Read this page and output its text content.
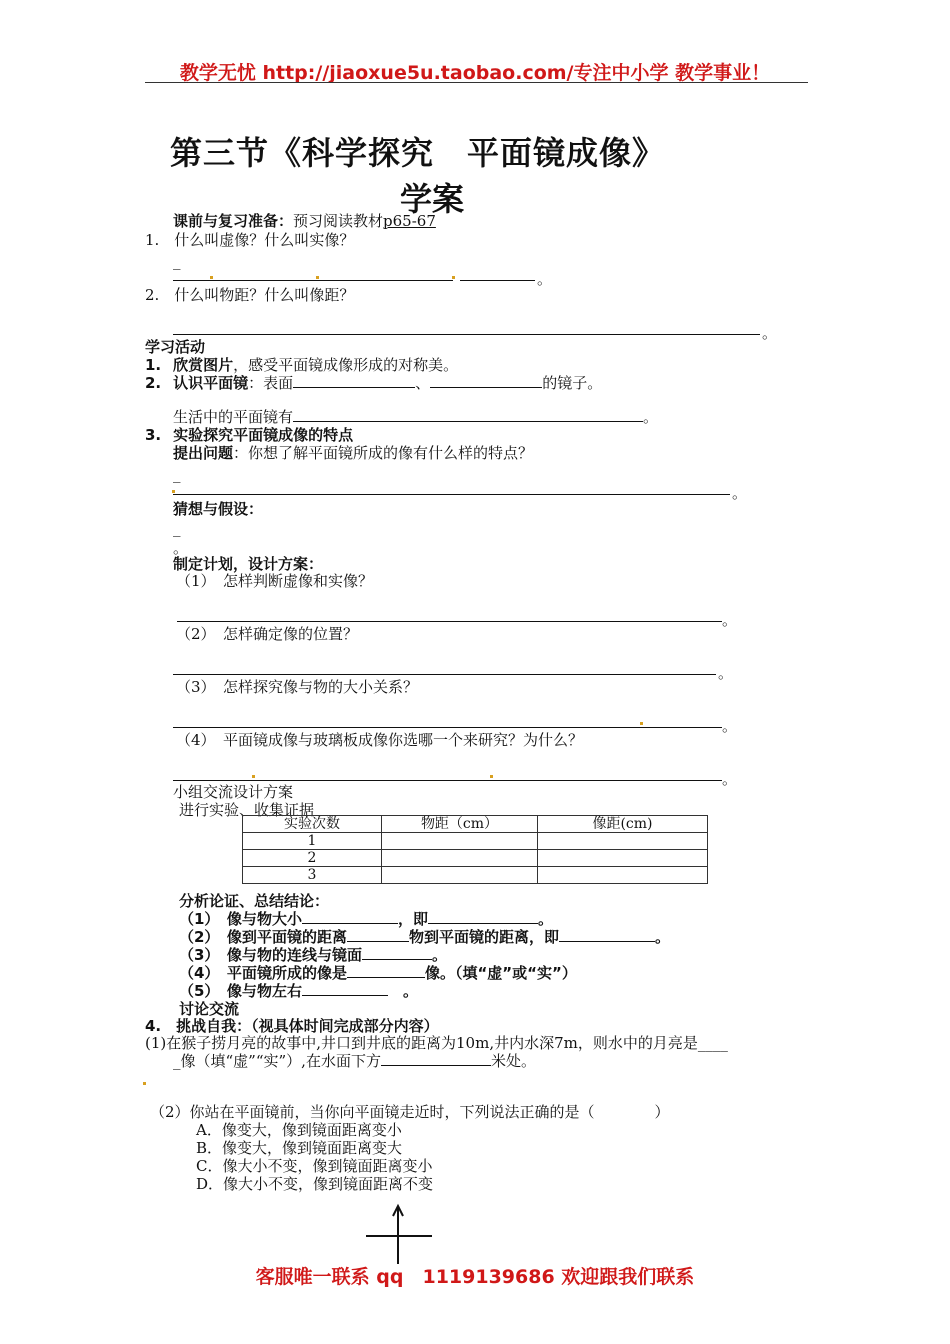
教学无忧 http://jiaoxue5u.taobao.com/专注中小学 教学事业！
第三节《科学探究　平面镜成像》
学案
课前与复习准备：预习阅读教材p65-67
1.　什么叫虚像？什么叫实像？
_
。
2.　什么叫物距？什么叫像距？
。
学习活动
1. 欣赏图片，感受平面镜成像形成的对称美。
2. 认识平面镜：表面	、	的镜子。
生活中的平面镜有	。
3. 实验探究平面镜成像的特点
提出问题：你想了解平面镜所成的像有什么样的特点？
_
。
猜想与假设：
_
。
制定计划，设计方案：
（1）　怎样判断虚像和实像？
。
（2）　怎样确定像的位置？
。
（3）　怎样探究像与物的大小关系？
。
（4）　平面镜成像与玻璃板成像你选哪一个来研究？为什么？
。
小组交流设计方案
进行实验、收集证据
实验次数	物距（cm）	像距(cm)
1		
2		
3		
分析论证、总结结论：
（1）　像与物大小	，即	。
（2）　像到平面镜的距离	物到平面镜的距离，即	。
（3）　像与物的连线与镜面	。
（4）　平面镜所成的像是	像。（填“虚”或“实”）
（5）　像与物左右	　。
讨论交流
4.　挑战自我：（视具体时间完成部分内容）
(1)在猴子捞月亮的故事中,井口到井底的距离为10m,井内水深7m，则水中的月亮是____
_像（填“虚”“实”）,在水面下方	米处。
（2）你站在平面镜前，当你向平面镜走近时，下列说法正确的是（　　　　）
A．像变大，像到镜面距离变小
B．像变大，像到镜面距离变大
C．像大小不变，像到镜面距离变小
D．像大小不变，像到镜面距离不变
客服唯一联系 qq　1119139686 欢迎跟我们联系
